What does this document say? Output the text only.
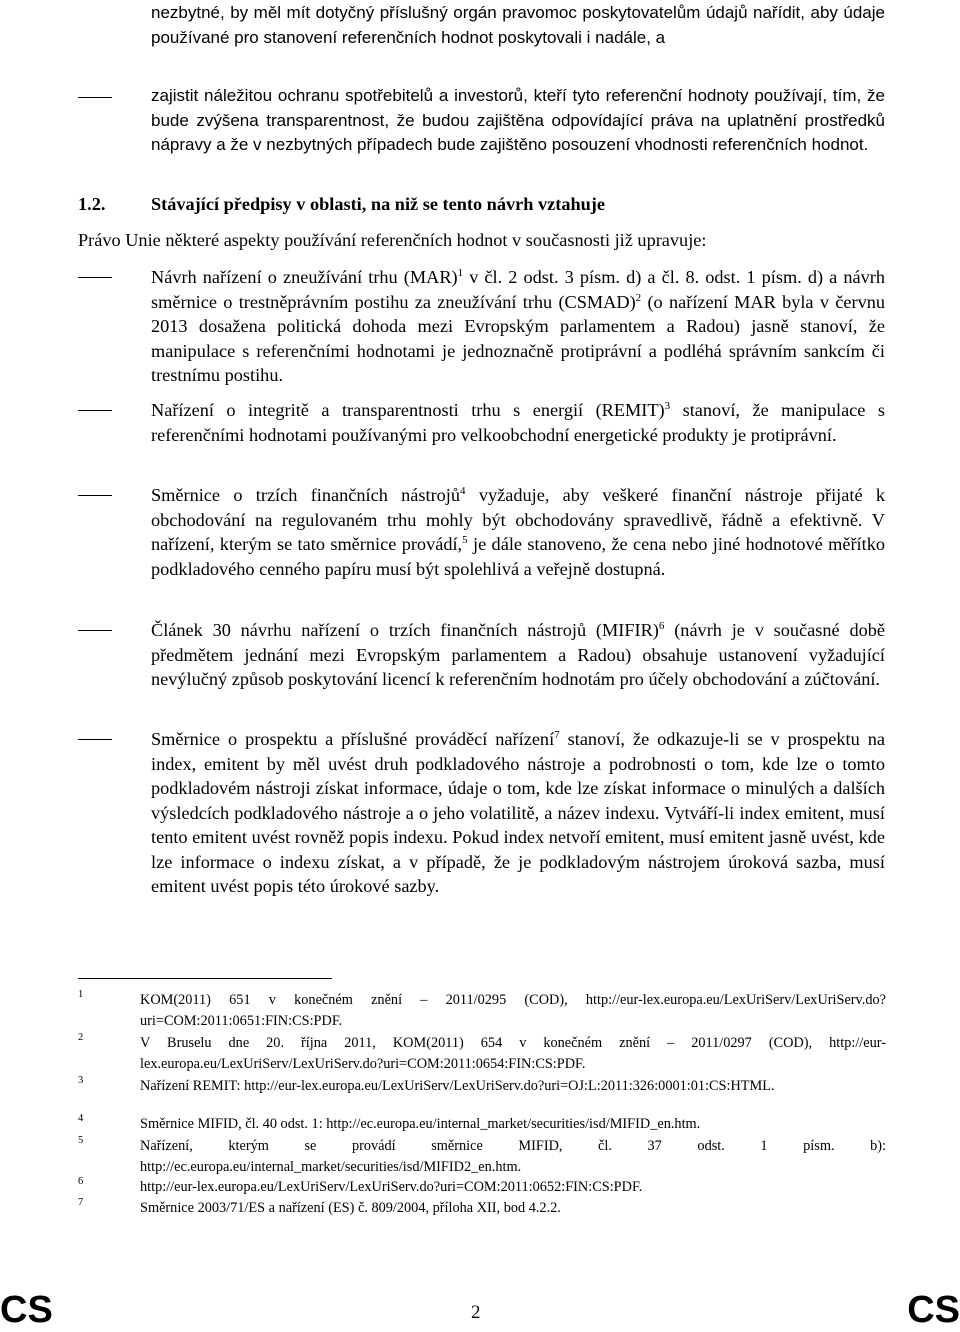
nezbytné, by měl mít dotyčný příslušný orgán pravomoc poskytovatelům údajů nařídit, aby údaje používané pro stanovení referenčních hodnot poskytovali i nadále, a
zajistit náležitou ochranu spotřebitelů a investorů, kteří tyto referenční hodnoty používají, tím, že bude zvýšena transparentnost, že budou zajištěna odpovídající práva na uplatnění prostředků nápravy a že v nezbytných případech bude zajištěno posouzení vhodnosti referenčních hodnot.
1.2. Stávající předpisy v oblasti, na niž se tento návrh vztahuje
Právo Unie některé aspekty používání referenčních hodnot v současnosti již upravuje:
Návrh nařízení o zneužívání trhu (MAR)$^1$ v čl. 2 odst. 3 písm. d) a čl. 8. odst. 1 písm. d) a návrh směrnice o trestněprávním postihu za zneužívání trhu (CSMAD)$^2$ (o nařízení MAR byla v červnu 2013 dosažena politická dohoda mezi Evropským parlamentem a Radou) jasně stanoví, že manipulace s referenčními hodnotami je jednoznačně protiprávní a podléhá správním sankcím či trestnímu postihu.
Nařízení o integritě a transparentnosti trhu s energií (REMIT)$^3$ stanoví, že manipulace s referenčními hodnotami používanými pro velkoobchodní energetické produkty je protiprávní.
Směrnice o trzích finančních nástrojů$^4$ vyžaduje, aby veškeré finanční nástroje přijaté k obchodování na regulovaném trhu mohly být obchodovány spravedlivě, řádně a efektivně. V nařízení, kterým se tato směrnice provádí,$^5$ je dále stanoveno, že cena nebo jiné hodnotové měřítko podkladového cenného papíru musí být spolehlivá a veřejně dostupná.
Článek 30 návrhu nařízení o trzích finančních nástrojů (MIFIR)$^6$ (návrh je v současné době předmětem jednání mezi Evropským parlamentem a Radou) obsahuje ustanovení vyžadující nevýlučný způsob poskytování licencí k referenčním hodnotám pro účely obchodování a zúčtování.
Směrnice o prospektu a příslušné prováděcí nařízení$^7$ stanoví, že odkazuje-li se v prospektu na index, emitent by měl uvést druh podkladového nástroje a podrobnosti o tom, kde lze o tomto podkladovém nástroji získat informace, údaje o tom, kde lze získat informace o minulých a dalších výsledcích podkladového nástroje a o jeho volatilitě, a název indexu. Vytváří-li index emitent, musí tento emitent uvést rovněž popis indexu. Pokud index netvoří emitent, musí emitent jasně uvést, kde lze informace o indexu získat, a v případě, že je podkladovým nástrojem úroková sazba, musí emitent uvést popis této úrokové sazby.
1	KOM(2011) 651 v konečném znění – 2011/0295 (COD), http://eur-lex.europa.eu/LexUriServ/LexUriServ.do?uri=COM:2011:0651:FIN:CS:PDF.
2	V Bruselu dne 20. října 2011, KOM(2011) 654 v konečném znění – 2011/0297 (COD), http://eur-lex.europa.eu/LexUriServ/LexUriServ.do?uri=COM:2011:0654:FIN:CS:PDF.
3	Nařízení REMIT: http://eur-lex.europa.eu/LexUriServ/LexUriServ.do?uri=OJ:L:2011:326:0001:01:CS:HTML.
4	Směrnice MIFID, čl. 40 odst. 1: http://ec.europa.eu/internal_market/securities/isd/MIFID_en.htm.
5	Nařízení, kterým se provádí směrnice MIFID, čl. 37 odst. 1 písm. b): http://ec.europa.eu/internal_market/securities/isd/MIFID2_en.htm.
6	http://eur-lex.europa.eu/LexUriServ/LexUriServ.do?uri=COM:2011:0652:FIN:CS:PDF.
7	Směrnice 2003/71/ES a nařízení (ES) č. 809/2004, příloha XII, bod 4.2.2.
CS	2	CS
